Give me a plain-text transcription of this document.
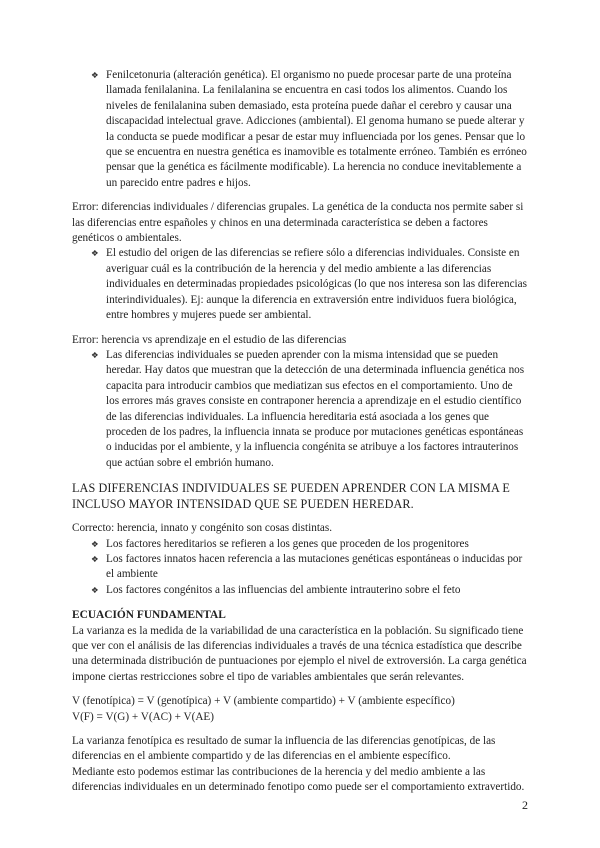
❖ Fenilcetonuria (alteración genética). El organismo no puede procesar parte de una proteína llamada fenilalanina. La fenilalanina se encuentra en casi todos los alimentos. Cuando los niveles de fenilalanina suben demasiado, esta proteína puede dañar el cerebro y causar una discapacidad intelectual grave. Adicciones (ambiental). El genoma humano se puede alterar y la conducta se puede modificar a pesar de estar muy influenciada por los genes. Pensar que lo que se encuentra en nuestra genética es inamovible es totalmente erróneo. También es erróneo pensar que la genética es fácilmente modificable). La herencia no conduce inevitablemente a un parecido entre padres e hijos.

Error: diferencias individuales / diferencias grupales. La genética de la conducta nos permite saber si las diferencias entre españoles y chinos en una determinada característica se deben a factores genéticos o ambientales.

❖ El estudio del origen de las diferencias se refiere sólo a diferencias individuales. Consiste en averiguar cuál es la contribución de la herencia y del medio ambiente a las diferencias individuales en determinadas propiedades psicológicas (lo que nos interesa son las diferencias interindividuales). Ej: aunque la diferencia en extraversión entre individuos fuera biológica, entre hombres y mujeres puede ser ambiental.

Error: herencia vs aprendizaje en el estudio de las diferencias

❖ Las diferencias individuales se pueden aprender con la misma intensidad que se pueden heredar. Hay datos que muestran que la detección de una determinada influencia genética nos capacita para introducir cambios que mediatizan sus efectos en el comportamiento. Uno de los errores más graves consiste en contraponer herencia a aprendizaje en el estudio científico de las diferencias individuales. La influencia hereditaria está asociada a los genes que proceden de los padres, la influencia innata se produce por mutaciones genéticas espontáneas o inducidas por el ambiente, y la influencia congénita se atribuye a los factores intrauterinos que actúan sobre el embrión humano.

LAS DIFERENCIAS INDIVIDUALES SE PUEDEN APRENDER CON LA MISMA E INCLUSO MAYOR INTENSIDAD QUE SE PUEDEN HEREDAR.

Correcto: herencia, innato y congénito son cosas distintas.

❖ Los factores hereditarios se refieren a los genes que proceden de los progenitores
❖ Los factores innatos hacen referencia a las mutaciones genéticas espontáneas o inducidas por el ambiente
❖ Los factores congénitos a las influencias del ambiente intrauterino sobre el feto

ECUACIÓN FUNDAMENTAL

La varianza es la medida de la variabilidad de una característica en la población. Su significado tiene que ver con el análisis de las diferencias individuales a través de una técnica estadística que describe una determinada distribución de puntuaciones por ejemplo el nivel de extroversión. La carga genética impone ciertas restricciones sobre el tipo de variables ambientales que serán relevantes.

V (fenotípica) = V (genotípica) + V (ambiente compartido) + V (ambiente específico)

V(F) = V(G) + V(AC) + V(AE)

La varianza fenotípica es resultado de sumar la influencia de las diferencias genotípicas, de las diferencias en el ambiente compartido y de las diferencias en el ambiente específico.

Mediante esto podemos estimar las contribuciones de la herencia y del medio ambiente a las diferencias individuales en un determinado fenotipo como puede ser el comportamiento extravertido.

2
